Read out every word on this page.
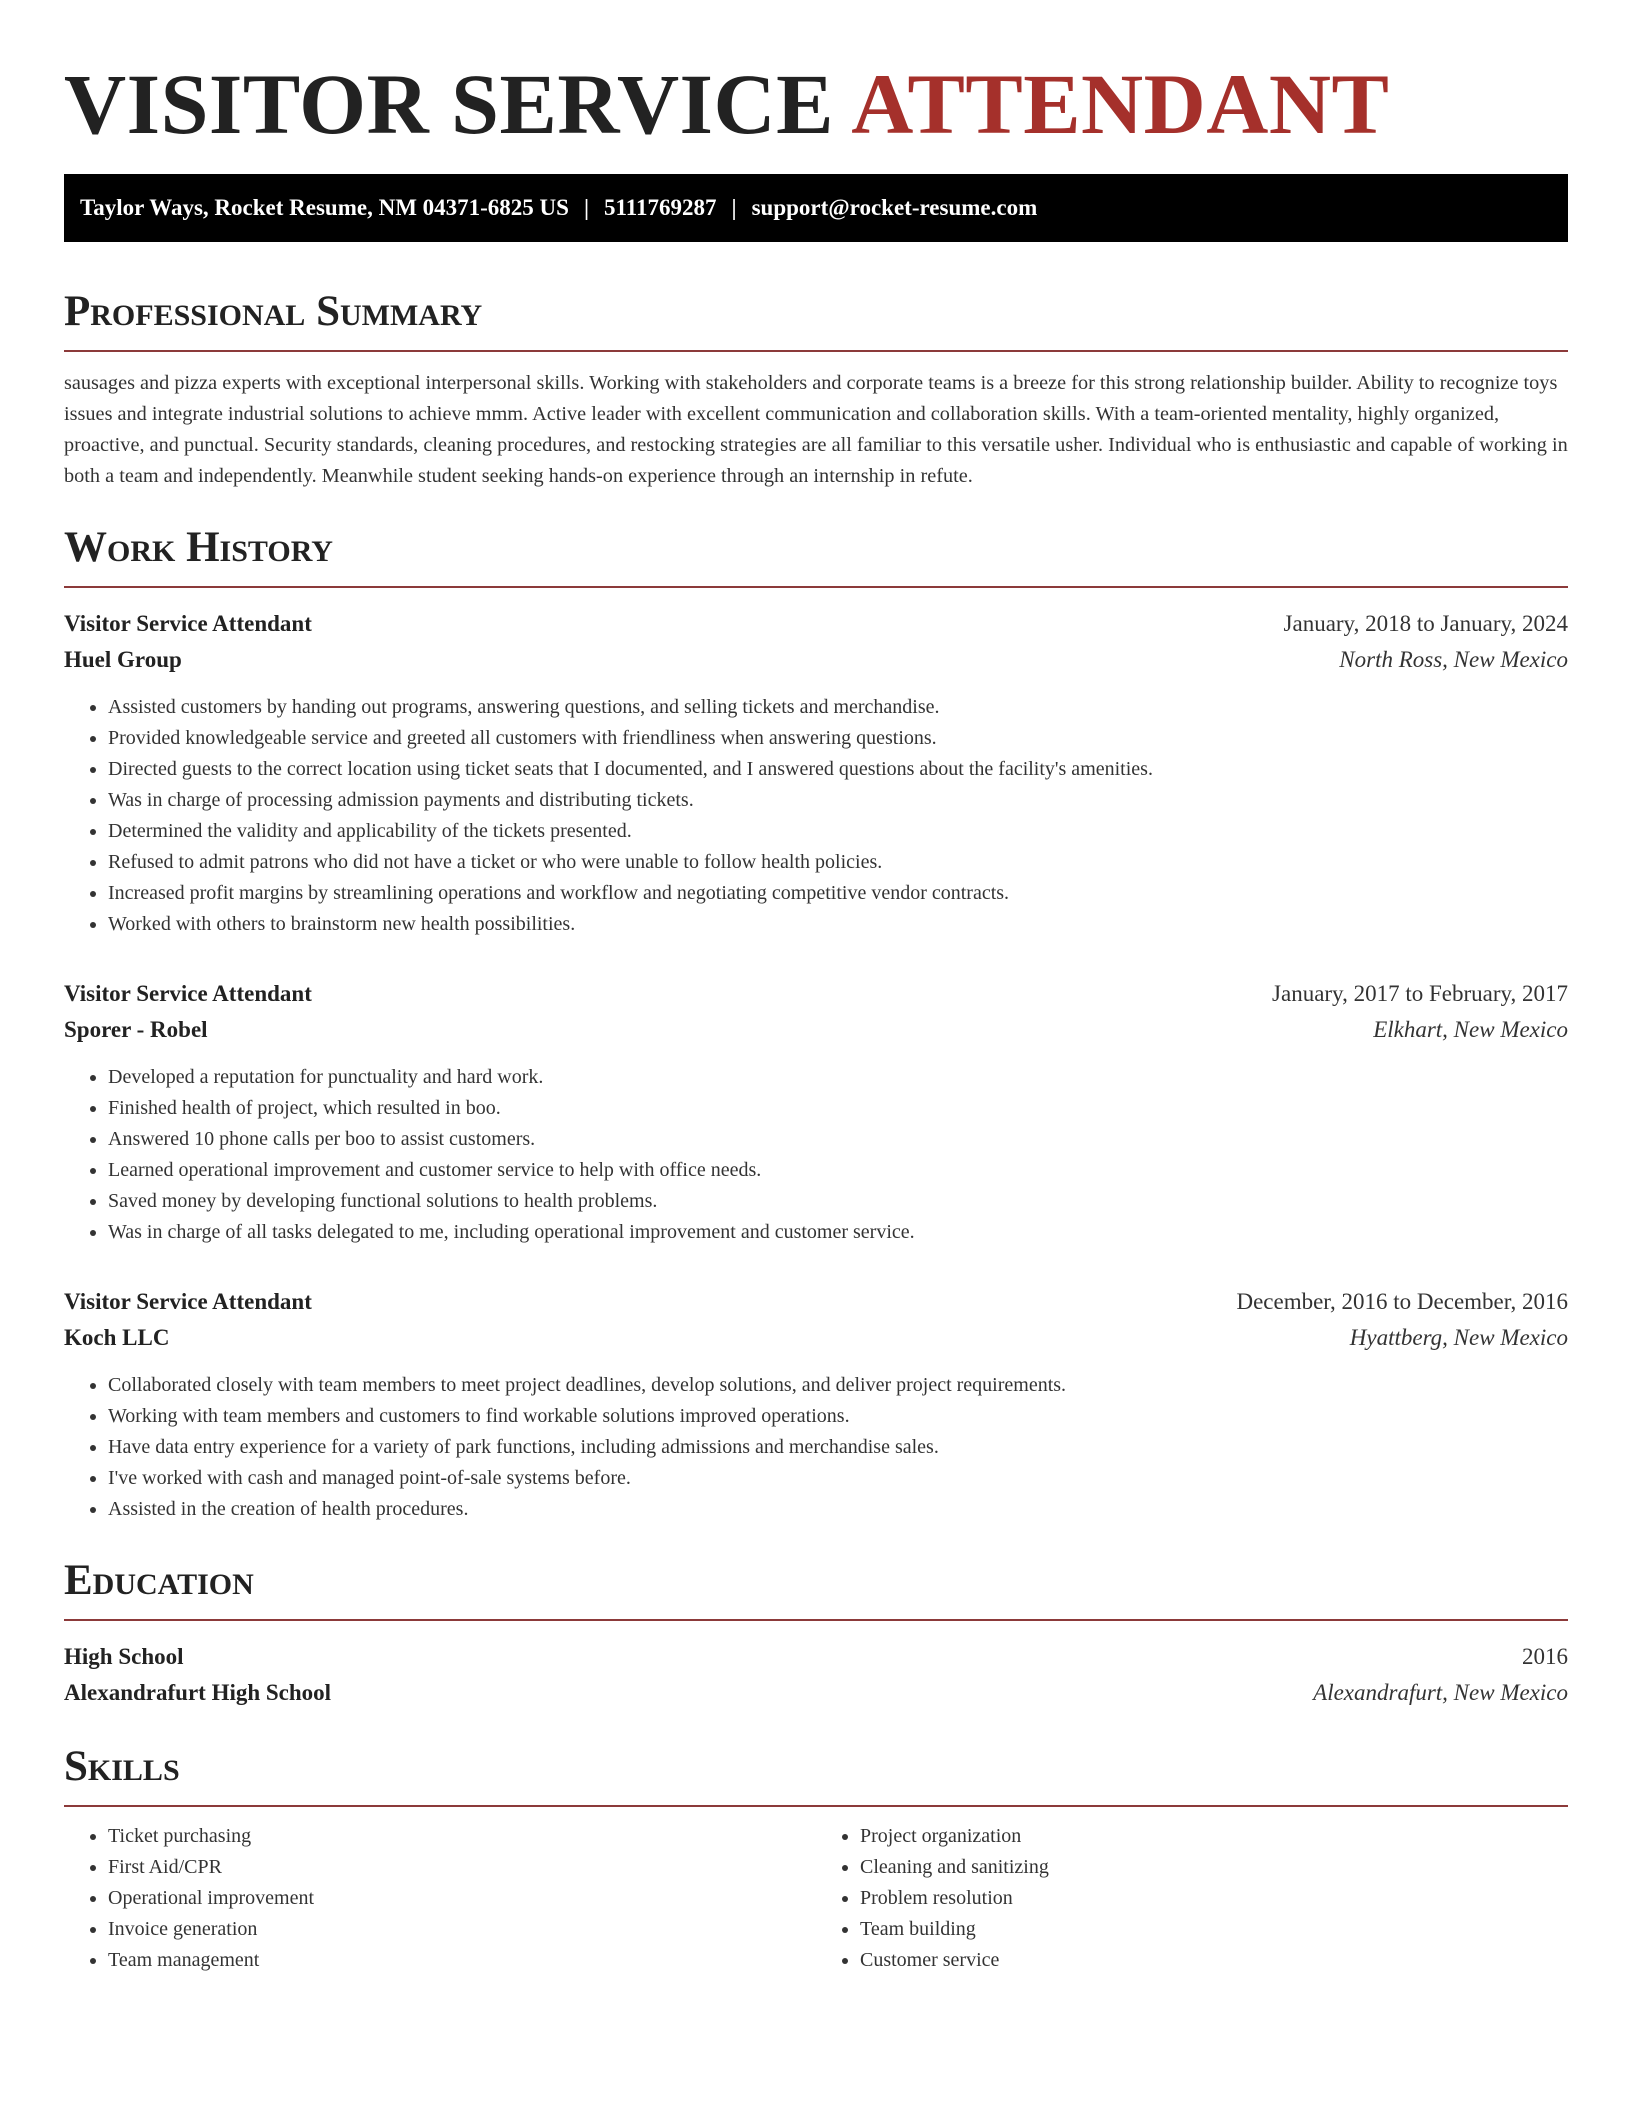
VISITOR SERVICE ATTENDANT
Taylor Ways, Rocket Resume, NM 04371-6825 US | 5111769287 | support@rocket-resume.com
Professional Summary

sausages and pizza experts with exceptional interpersonal skills. Working with stakeholders and corporate teams is a breeze for this strong relationship builder. Ability to recognize toys issues and integrate industrial solutions to achieve mmm. Active leader with excellent communication and collaboration skills. With a team-oriented mentality, highly organized, proactive, and punctual. Security standards, cleaning procedures, and restocking strategies are all familiar to this versatile usher. Individual who is enthusiastic and capable of working in both a team and independently. Meanwhile student seeking hands-on experience through an internship in refute.

Work History
Visitor Service Attendant	January, 2018 to January, 2024
Huel Group	North Ross, New Mexico
• Assisted customers by handing out programs, answering questions, and selling tickets and merchandise.
• Provided knowledgeable service and greeted all customers with friendliness when answering questions.
• Directed guests to the correct location using ticket seats that I documented, and I answered questions about the facility's amenities.
• Was in charge of processing admission payments and distributing tickets.
• Determined the validity and applicability of the tickets presented.
• Refused to admit patrons who did not have a ticket or who were unable to follow health policies.
• Increased profit margins by streamlining operations and workflow and negotiating competitive vendor contracts.
• Worked with others to brainstorm new health possibilities.
Visitor Service Attendant	January, 2017 to February, 2017
Sporer - Robel	Elkhart, New Mexico
• Developed a reputation for punctuality and hard work.
• Finished health of project, which resulted in boo.
• Answered 10 phone calls per boo to assist customers.
• Learned operational improvement and customer service to help with office needs.
• Saved money by developing functional solutions to health problems.
• Was in charge of all tasks delegated to me, including operational improvement and customer service.
Visitor Service Attendant	December, 2016 to December, 2016
Koch LLC	Hyattberg, New Mexico
• Collaborated closely with team members to meet project deadlines, develop solutions, and deliver project requirements.
• Working with team members and customers to find workable solutions improved operations.
• Have data entry experience for a variety of park functions, including admissions and merchandise sales.
• I've worked with cash and managed point-of-sale systems before.
• Assisted in the creation of health procedures.
Education
High School	2016
Alexandrafurt High School	Alexandrafurt, New Mexico
Skills
• Ticket purchasing
• First Aid/CPR
• Operational improvement
• Invoice generation
• Team management
• Project organization
• Cleaning and sanitizing
• Problem resolution
• Team building
• Customer service
